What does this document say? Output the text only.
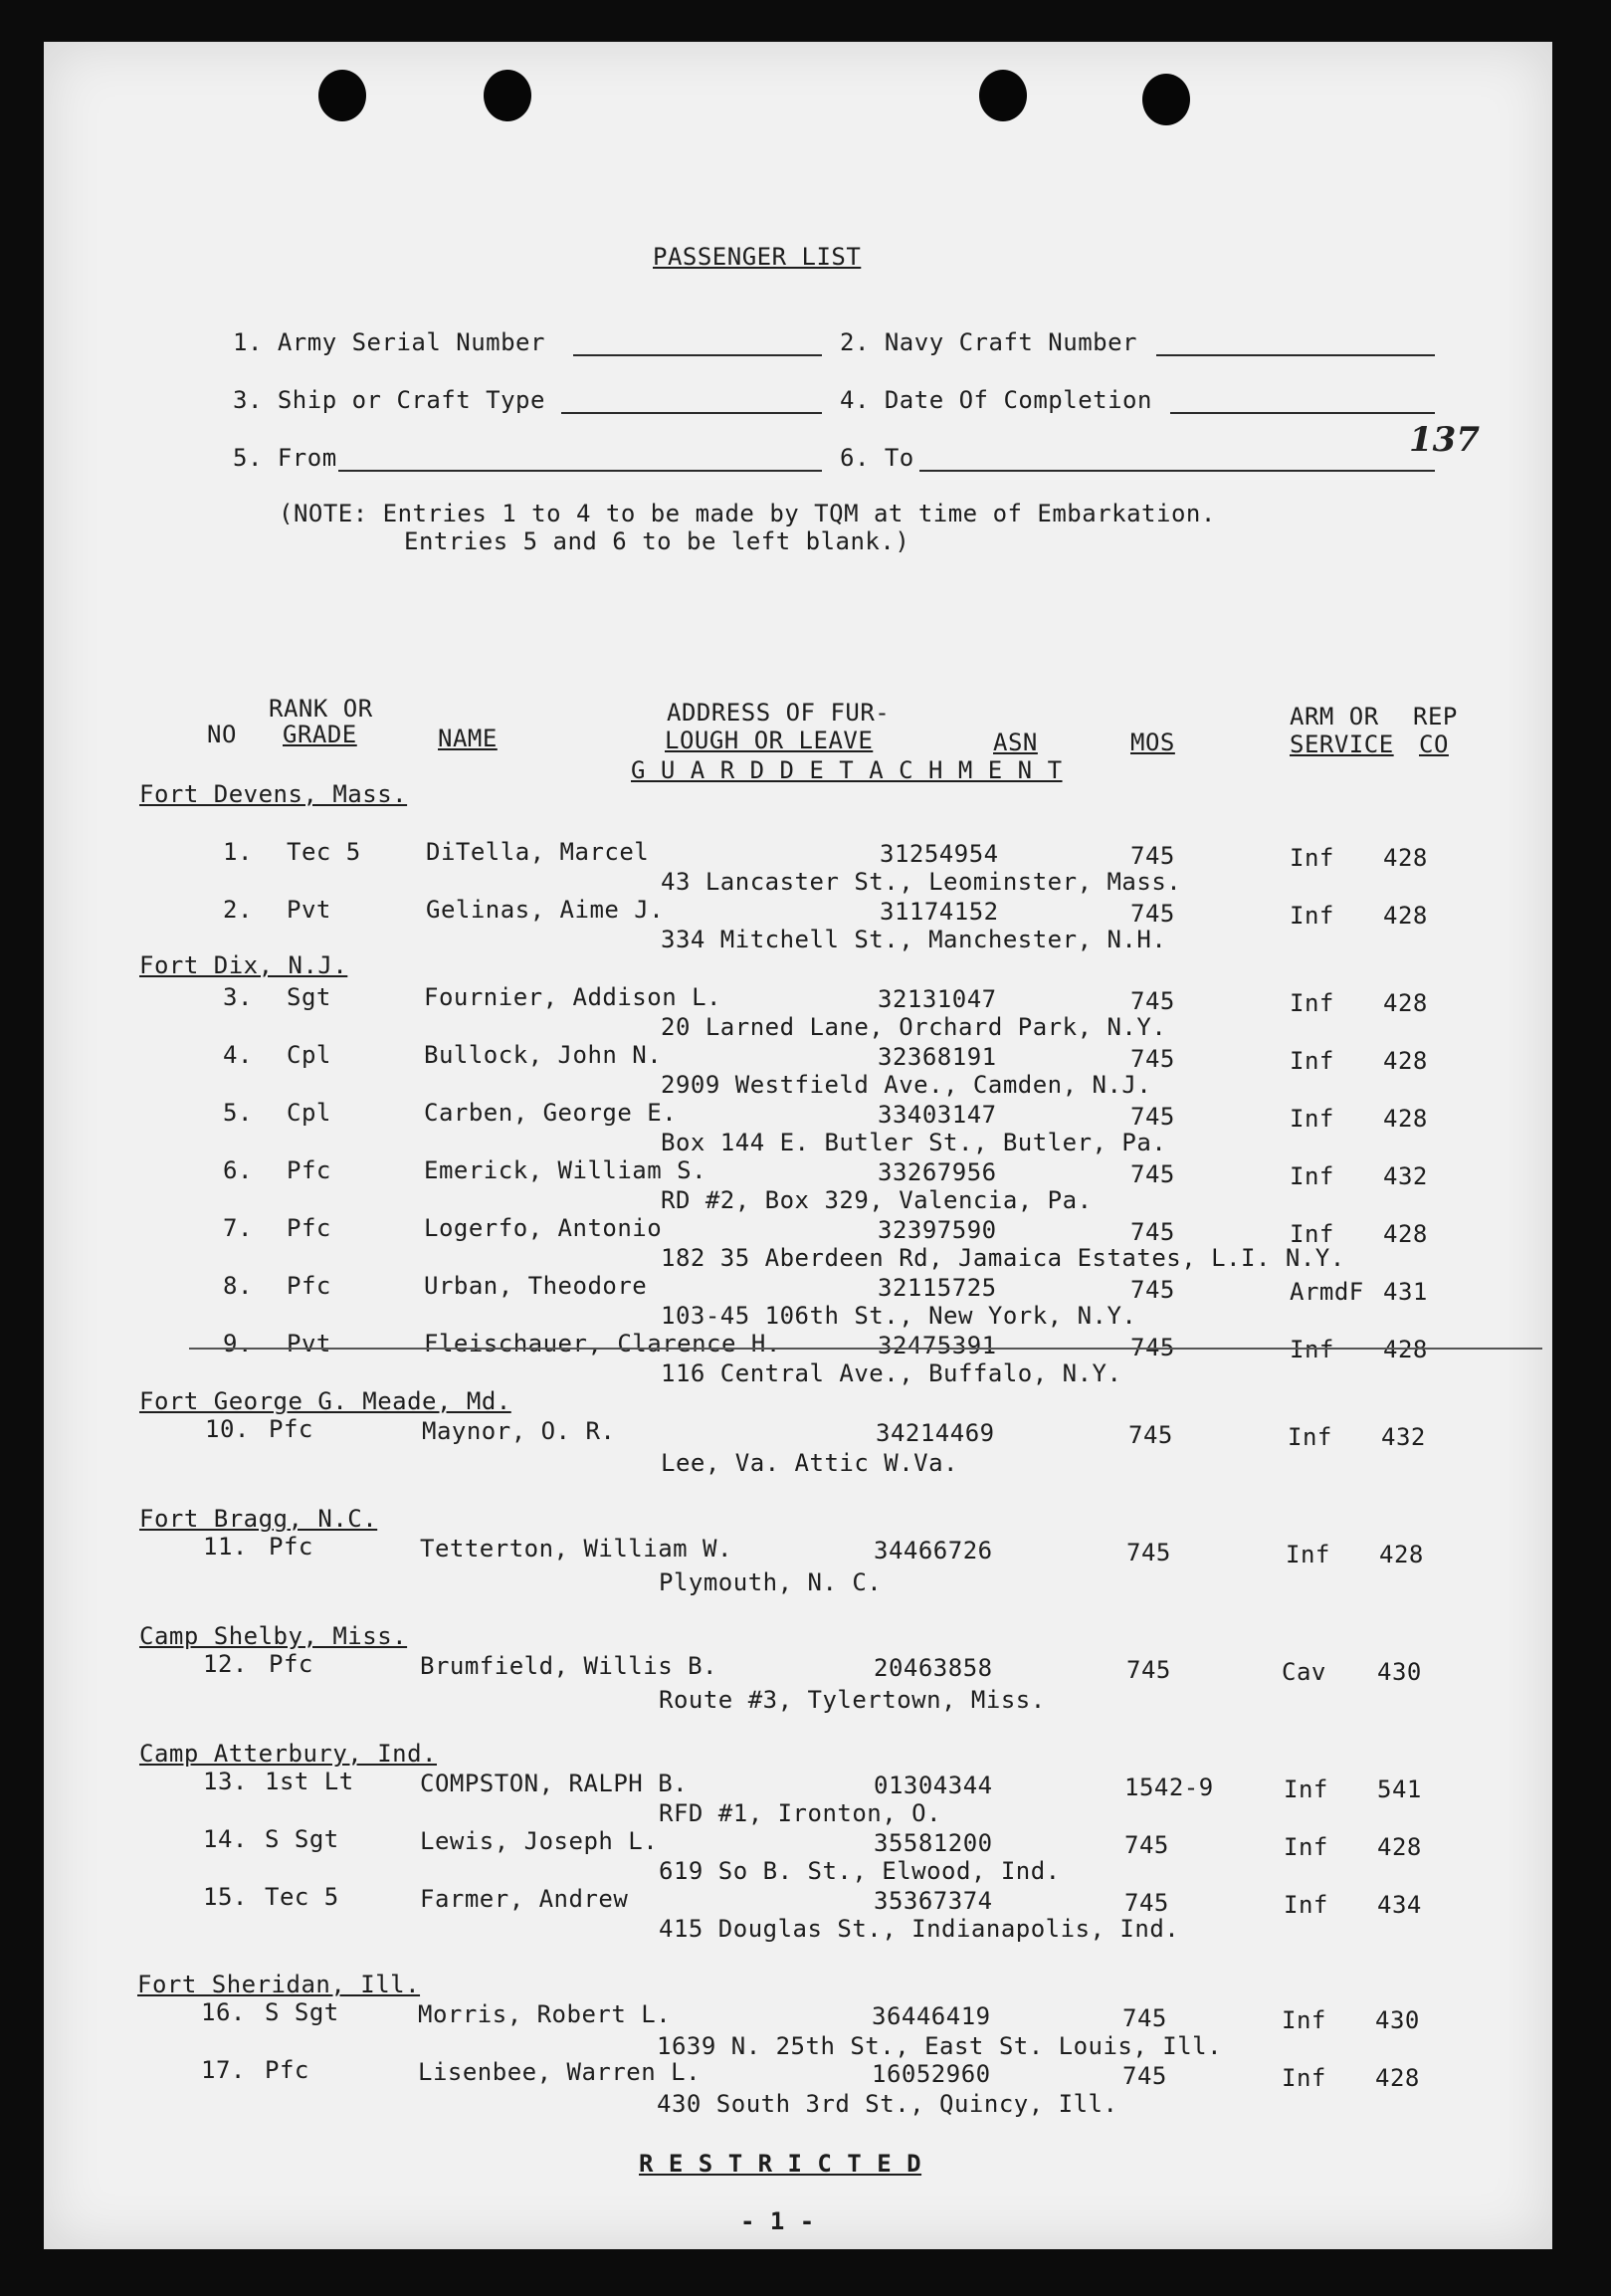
PASSENGER LIST
1. Army Serial Number	2. Navy Craft Number
3. Ship or Craft Type	4. Date Of Completion
5. From	6. To	137
(NOTE: Entries 1 to 4 to be made by TQM at time of Embarkation.
Entries 5 and 6 to be left blank.)
RANK OR	ADDRESS OF FUR-	ARM OR REP
NO GRADE	NAME	LOUGH OR LEAVE	ASN	MOS	SERVICE CO
G U A R D D E T A C H M E N T
Fort Devens, Mass.
1. Tec 5	DiTella, Marcel	31254954	745	Inf 428
43 Lancaster St., Leominster, Mass.
2. Pvt	Gelinas, Aime J.	31174152	745	Inf 428
334 Mitchell St., Manchester, N.H.
Fort Dix, N.J.
3. Sgt	Fournier, Addison L.	32131047	745	Inf 428
20 Larned Lane, Orchard Park, N.Y.
4. Cpl	Bullock, John N.	32368191	745	Inf 428
2909 Westfield Ave., Camden, N.J.
5. Cpl	Carben, George E.	33403147	745	Inf 428
Box 144 E. Butler St., Butler, Pa.
6. Pfc	Emerick, William S.	33267956	745	Inf 432
RD #2, Box 329, Valencia, Pa.
7. Pfc	Logerfo, Antonio	32397590	745	Inf 428
182 35 Aberdeen Rd, Jamaica Estates, L.I. N.Y.
8. Pfc	Urban, Theodore	32115725	745	ArmdF 431
103-45 106th St., New York, N.Y.
9. Pvt	Fleischauer, Clarence H.	32475391	745	Inf 428
116 Central Ave., Buffalo, N.Y.
Fort George G. Meade, Md.
10. Pfc	Maynor, O. R.	34214469	745	Inf 432
Lee, Va. Attic W.Va.
Fort Bragg, N.C.
11. Pfc	Tetterton, William W.	34466726	745	Inf 428
Plymouth, N. C.
Camp Shelby, Miss.
12. Pfc	Brumfield, Willis B.	20463858	745	Cav 430
Route #3, Tylertown, Miss.
Camp Atterbury, Ind.
13. 1st Lt	COMPSTON, RALPH B.	01304344	1542-9	Inf 541
RFD #1, Ironton, O.
14. S Sgt	Lewis, Joseph L.	35581200	745	Inf 428
619 So B. St., Elwood, Ind.
15. Tec 5	Farmer, Andrew	35367374	745	Inf 434
415 Douglas St., Indianapolis, Ind.
Fort Sheridan, Ill.
16. S Sgt	Morris, Robert L.	36446419	745	Inf 430
1639 N. 25th St., East St. Louis, Ill.
17. Pfc	Lisenbee, Warren L.	16052960	745	Inf 428
430 South 3rd St., Quincy, Ill.
R E S T R I C T E D
- 1 -
